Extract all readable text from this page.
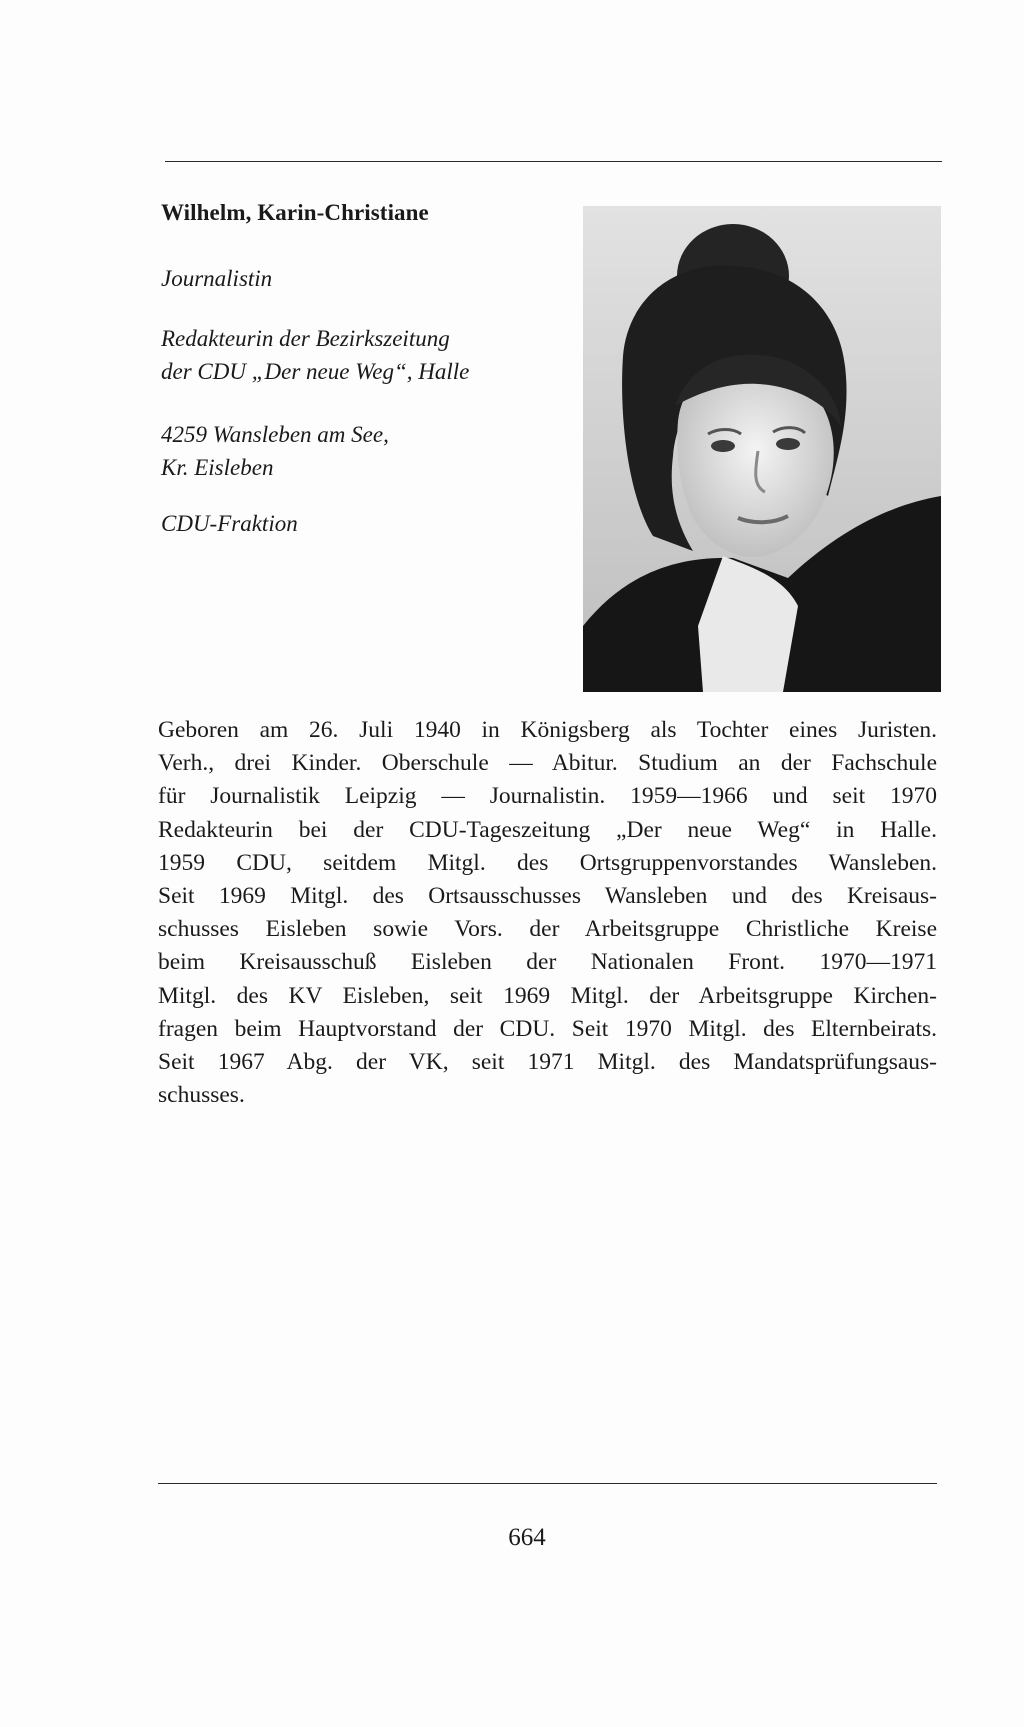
Wilhelm, Karin-Christiane
Journalistin
Redakteurin der Bezirkszeitung
der CDU „Der neue Weg“, Halle
4259 Wansleben am See,
Kr. Eisleben
CDU-Fraktion
Geboren am 26. Juli 1940 in Königsberg als Tochter eines Juristen.
Verh., drei Kinder. Oberschule — Abitur. Studium an der Fachschule
für Journalistik Leipzig — Journalistin. 1959—1966 und seit 1970
Redakteurin bei der CDU-Tageszeitung „Der neue Weg“ in Halle.
1959 CDU, seitdem Mitgl. des Ortsgruppenvorstandes Wansleben.
Seit 1969 Mitgl. des Ortsausschusses Wansleben und des Kreisaus-
schusses Eisleben sowie Vors. der Arbeitsgruppe Christliche Kreise
beim Kreisausschuß Eisleben der Nationalen Front. 1970—1971
Mitgl. des KV Eisleben, seit 1969 Mitgl. der Arbeitsgruppe Kirchen-
fragen beim Hauptvorstand der CDU. Seit 1970 Mitgl. des Elternbeirats.
Seit 1967 Abg. der VK, seit 1971 Mitgl. des Mandatsprüfungsaus-
schusses.
664
